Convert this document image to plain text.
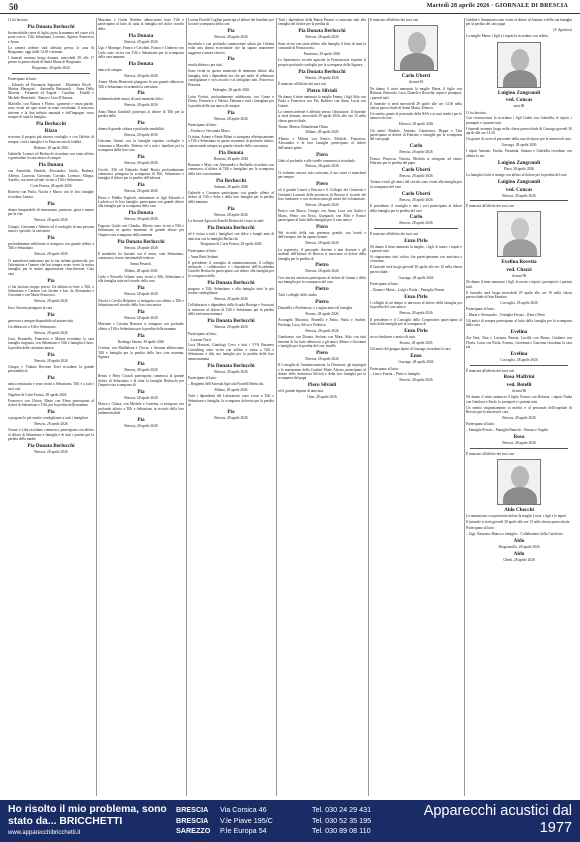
50	Martedì 28 aprile 2026 · GIORNALE DI BRESCIA

Ci ha lasciato

Pia Donata Berlucchi

Inconsolabile cuore di figlio, porta la mamma nel cuore e la porta con se. Tilli, Sebastiano, Lorenzo, Agnese, Francesco e Jason.

La camera ardente sarà allestita presso la casa di Borgonato, oggi dalle 14.30 e domani.

I funerali avranno luogo domani, mercoledì 29, alle 17 presso la parrocchiale di Santa Maria di Borgonato.

Borgonato, 28 aprile 2026

Partecipano al lutto:

– Edoardo ed Emanuela Signorini · Elisabetta Nicoli · Marina Meregotti · Antonella Bertazzoli · Anna Della Moretta · Fernando ed Angela · Carolina · Fratelli e Michele Bianchetti · Renzo e Lina D'Antona

Marcello, con Bianca e Flavio, sgomenti e senza parole, sono vicini ad ogni nome in tanta ricordando il trascorso insieme e la Sua infinita umanità e dell'impegno verso sempre di tutta la famiglia.

Pia Berlucchi
Rizzo

ricevano il proprio più sincero cordoglio e con l'affetto di sempre, con la famiglia e la Franciacorta di fedeltà.

Bolzano, 28 aprile 2026

Gabriella Lorenzi ed Berlucchi ricordano con tanto affetto e gratitudine la cara amica di sempre.

Pia Donata

con Antonella, Daniela, Alessandra, Guido, Barbara, Alberto, Lucrezia, Giovanni, Corrado, Lorenzo, Allegra, Aurelio, ora unite ad tutti vicino a Tilli e Sebastiano.

Corte Franca, 28 aprile 2026

Roberto con Paola, Nicola e Marco con le loro famiglie ricordano l'amica

Pia

donna insuperabile di entusiasmo, passione, gioia e amore per la vita.

Brescia, 28 aprile 2026

Giorgio, Giovanna e Alberto ed il cordoglio di una persona unica e speciale, la carissima

Pia

profondamente addolorati si stringono con grande affetto a Tilli e Sebastiano.

Brescia, 28 aprile 2026

Ci mancherai tantissimo per la tua infinita generosità, per l'attenzione e l'amore che hai sempre avuto verso la nostra famiglia, per le nostre appassionate chiacchierate. Ciao cara

Pia

ci hai lasciato troppo presto. Un abbraccio forte a Tilli, a Sebastiano e Carmen con Jayden e Ian, da Alessandra e Giovanni e con Marie Francesco.

Brescia, 28 aprile 2026

Ina e Antonio piangono la cara

Pia

generosa e sempre disponibile ad aiutare tutti.

Un abbraccio a Tilli e Sebastiano.

Brescia, 28 aprile 2026

Lina, Donatella, Francesco e Marisa ricordano la cara famiglia ringrazia, con Sebastiano e Tilli e famiglia il lutto, la perdita della carissima amica.

Pia
Brescia, 28 aprile 2026

Giorgio e Vidanta Bevione Terzi ricordano la grande personalità di

Pia

amica entusiasta e sono vicini a Sebastiano, Tilli e a tutti i suoi cari.

Nigoline di Corte Franca, 28 aprile 2026

Francesco con Chiara, Mario con Elena partecipano al dolore di Sebastiano e Tilli, per la perdita della mamma

Pia

e porgono le più sentite condoglianze a tutti i famigliari.

Brescia, 28 aprile 2026

Cesare e Lilia ricordano commossi, partecipano con affetto al dolore di Sebastiano e famiglia e di tutti i parenti per la perdita della madre

Pia Donata Berlucchi
Brescia, 28 aprile 2026

Massimo e Giulia Nember abbracciano forte Tilli e partecipano al lutto di tutta la famiglia nel dolce ricordo della

Pia Donata
Brescia, 28 aprile 2026

Ugo e Monique, Franco e Cecchini, Franco e Umberto con Carlo sono vicini con Tilli e Sebastiano per la scomparsa della cara mamma

Pia Donata

amica di sempre.

Brescia, 28 aprile 2026

Aimee Maria Benavarti piangono la sua grande abbraccio Tilli e Sebastiano ricordando la carissima

Pia

indimenticabile amica di tanti momenti felici.

Brescia, 28 aprile 2026

Anna Maria Gandolfi partecipa al dolore di Tilli per la perdita della

Pia

donna di grande cultura e profonda sensibilità.

Brescia, 28 aprile 2026

Giacomo Girasti con la famiglia esprime cordoglio e vicinanza a Marcello, Roberta ed a tutti i familiari per la scomparsa della loro cara

Pia
Brescia, 28 aprile 2026

Cecchi, Elfi ed Eduardo Sabel Bestia profondamente commossi, piangono la scomparsa di Tilli, Sebastiano e famiglia il dolore per la perdita dell'adorata

Pia
Brescia, 28 aprile 2026

Pietro e Fiddlia Fogliotti, unitamente ai figli Edoardo e Ludovica e le loro famiglie, partecipano con grande dolore alla famiglia per la scomparsa della cara

Pia Donata
Brescia, 28 aprile 2026

Fagozzo Guido con Claudia, Alberto sono vicini a Tilli e Sebastiano in questo momento di grande dolore per l'improvvisa scomparsa della mamma

Pia Donata Berlucchi
Brescia, 28 aprile 2026

Il mandorlo ho lasciato ora il senso, veni Sebastiano, commosso, tesoro inestimabile tedesco.

Annia Pesaroti.
Milano, 28 aprile 2026

Carlo e Rossella Volante sono vicini a Tilli, Sebastiano e alla famiglia tutta nel ricordo della cara

Pia
Brescia, 28 aprile 2026

Nicola e Cecilia Belpietro si stringono con affetto a Tilli e Sebastiano nel ricordo della loro cara amica

Pia
Brescia, 28 aprile 2026

Massimo e Cristina Bertozzi si stringono con profondo affetto a Tilli e Sebastiano per la perdita della mamma

Pia
Rodengo Saiano, 28 aprile 2026

Cristina, con Maddalena e Clocio, e Arianna abbracciano Tilli e famiglia per la perdita della loro cara mamma, Signora

Pia
Brescia, 28 aprile 2026

Renzo e Betty Cossali partecipano commossi al grande dolore di Sebastiano e di tutta la famiglia Berlucchi per l'improvvisa scomparsa di

Pia
Brescia, 28 aprile 2026

Marco e Chiara, con Michele e Caterina, si stringono con profondo affetto a Tilli e Sebastiano in ricordo della loro indimenticabile

Pia
Brescia, 28 aprile 2026

Lorena Fiorelli Cogliati partecipa al dolore dei familiari per la triste scomparsa della cara

Pia
Brescia, 28 aprile 2026

Incredula e con profonda commozione saluta per l'ultima volta una donna eccezionale che ha saputo mantenere saggezza e amore sincero.

Pia

sentiti abbracci per tutti.

Sono vicini in questo momento di immenso dolore alla famiglia, tutti i dipendenti ora che per molti di affettuose condoglianze e vivo ascolto e ai famigliari tutti. Francesco Pezzotta.

Padenghe, 28 aprile 2026

Luisa Fortini, profondamente addolorata, con Giano e Flavio, Francesco e Valeria, Fabiana e tutti i famigliari per la perdita della sua amica di sempre

Pia
Brescia, 28 aprile 2026

Partecipano al lutto:

– Teodoro e Giovanna Mossi

Cristina, Ariano e Fanie Bilani si stringono affettuosamente a Tilli e Sebastiano in questo momento di profondo dolore, conservando sempre un grande ricordo della cara amica

Pia Donata
Bornato, 28 aprile 2026

Romano e Mary con Alessandro e Raffaella ricordano con commosso il dolore di Tilli e famigliari per la scomparsa della loro cara mamma

Pia Berlucchi
Salzano, 28 aprile 2026

Gabriele e Costanza partecipano con grande affetto al dolore di Tilli e Seba e della loro famiglia per la perdita della mamma

Pia
Brescia, 28 aprile 2026

La Società Agricola Fratelli Berlucchi e tutto lo staff

Pia Donata Berlucchi

ed è vicina a tutti i famigliari con dolce e lunghi anni di amicizia con la famiglia Berlucchi.

Borgonato di Corte Franca, 28 aprile 2026

Partecipano al lutto:

– Anna Berti Sedinei

Il presidente, il consiglio di amministrazione, il collegio sindacale, i collaboratori e i dipendenti dell'Accademia Gioiello Berlucchi partecipano con dolore alla famiglia per la scomparsa della

Pia Donata Berlucchi

porgono a Tilli, Sebastiano e alla famiglia tutte le più sentite condoglianze.

Brescia, 28 aprile 2026

Collaboratori e dipendenti della Scuola Bottega e Associati si uniscono al dolore di Tilli e Sebastiano per la perdita della carissima mamma

Pia Donata Berlucchi
Brescia, 28 aprile 2026

Partecipano al lutto:

– Luciana Nord

Luca Moruzzi, Gianluigi Corvi e tutti i VVS Business Consulting sono vicini con affetto e stima a Tilli e Sebastiano e alla sua famiglia per la perdita della loro amata mamma

Pia Donata Berlucchi
Brescia, 28 aprile 2026

Partecipano al lutto:

– Borghetti dell'Azienda Agricola Franelli Berlucchi.

Milano, 28 aprile 2026

Tutti i dipendenti del Laboratorio sono vicini a Tilli e Sebastiano e famiglia, la scomparsa dolorosa per la perdita di

Pia
Brescia, 28 aprile 2026

Tutti i dipendenti della Banca Passini si uniscono tutti alla famiglia nel dolore per la perdita di

Pia Donata Berlucchi
Brescia, 28 aprile 2026

Sono vicini con tanto affetto alla famiglia il lutto di tutta la comunità di Franciacorta.

Passirano, 28 aprile 2026

Lo Spaventoso società agricola in Franciacorta esprime il proprio profondo cordoglio per la scomparsa della Signora

Pia Donata Berlucchi
Brescia, 28 aprile 2026

È mancato all'affetto dei suoi cari

Pietro Silvioli

Ne danno il triste annuncio la moglie Emma, i figli Aldo con Paola e Francesca con Pio, Roberto con Anna, Lucia con Gianni.

La camera ardente è allestita presso l'abitazione. Il funerale si terrà domani, mercoledì 29 aprile 2026, alle ore 15 nella chiesa parrocchiale.

Tirano, Matera, Bifanderma Olona

Milano, 28 aprile 2026

Alberto e Milena con Enrico, Michele, Francesca, Alessandra e le loro famiglie partecipano al dolore dell'amato padre.

Piero

Uniti al profondo e alle sorelle commossi a ricordarlo.

Brescia, 28 aprile 2026

Ci vedremo ancora, mio carissimo, il tuo cuore ci mancherà per sempre.

Piero

ed il grande Lionel e Brescia e il Collegio dei Geometri e Geometri Laureati della provincia di Brescia il ricordo del loro fondatore, e con riconoscenza gli amici del volontariato.

Brescia, 28 aprile 2026

Enrico con Marco, Giorgio con Anna, Luca con Giulia e Marta, Pietro con Erica, Gianpaolo con Miri e Franco partecipano al lutto della famiglia per il caro amico

Piero

Nel ricordo della sua presenza gentile, sua bontà e dell'esempio che ha saputo donare.

Brescia, 28 aprile 2026

La segreteria, il personale docente e non docente e gli studenti dell'Istituto di Brescia si associano al dolore della famiglia per la perdita di

Pietro
Brescia, 28 aprile 2026

Con sincera amicizia partecipano al dolore di Gianni e della sua famiglia per la scomparsa del caro

Pietro

Tutti i colleghi dello studio

Pietro

Donatella e Pieldonisio, e i cugini amici di famiglia.

Rovato, 28 aprile 2026

Arcangelo Maurizio, Brunella e Fabio, Paola e Andrea, Pierluigi, Luca, Silvio e Federica.

Brescia, 28 aprile 2026

Gianfranco con Donata, Stefano con Mara, Aldo con tutti insieme di lui forte abbraccio a gli amici Albino e Giovanni e famiglie per la perdita del caro fratello

Piero
Brescia, 28 aprile 2026

Il Consiglio di Amministrazione, la Direzione, gli impiegati e le maestranze della Caudari Mode Alessio partecipano al dolore della dottoressa Silvioli e della loro famiglia per la scomparsa del papà

Piero Silvioli

ed il grande legame di amicizia.

Ome, 28 aprile 2026

È mancato all'affetto dei suoi cari

Carlo Uberti
di anni 94

Ne danno il triste annuncio la moglie Maria, il figlio con Roberta, Bernardo, Luca, Daniele e Rossella, nipoti e pronipoti, i parenti tutti.

Il funerale si terrà mercoledì 29 aprile alle ore 14.30 nella chiesa parrocchiale di Santa Maria, Erbusco.

Un sentito grazie al personale della RSA e ai suoi medici per le amorevoli cure.

Erbusco, 28 aprile 2026

Gli amici Rinaldo, Antonio, Gianfranco, Beppe e Tina partecipano al dolore di Fabrizio e famiglie per la scomparsa del caro papà

Carlo
Brescia, 28 aprile 2026

Franco, Pinuccia, Vittoria, Michela si stringono ad amico Fabrizio per la perdita del papà

Carlo Uberti
Brescia, 28 aprile 2026

Tiziano e tutti gli amici del circolo sono vicini alla famiglia per la scomparsa del caro

Carlo Uberti
Brescia, 28 aprile 2026

Il presidente, il consiglio e tutti i soci partecipano al dolore della famiglia per la perdita del caro

Carlo
Brescia, 28 aprile 2026

È mancato all'affetto dei suoi cari

Enzo Pirlo

Ne danno il triste annuncio la moglie, i figli, le nuore, i nipoti e i parenti tutti.

Si ringraziano tutti coloro che parteciperanno con amicizia e vicinanza.

Il funerale avrà luogo giovedì 30 aprile alle ore 10 nella chiesa parrocchiale.

Gussago, 28 aprile 2026

Partecipano al lutto:

– Gianni e Marta – Luigi e Paola – Famiglia Ferrari

Enzo Pirlo

I colleghi di un tempo si uniscono al dolore della famiglia per la perdita del caro amico.

Brescia, 28 aprile 2026

Il presidente e il Consiglio della Cooperativa partecipano al lutto della famiglia per la scomparsa di

Enzo Pirlo

socio fondatore e amico di tutti.

Rovato, 28 aprile 2026

Gli amici del gruppo alpini di Gussago ricordano il caro

Enzo
Gussago, 28 aprile 2026

Partecipano al lutto:

– Lino e Fausta – Pietro e famiglia

Brescia, 28 aprile 2026

Galdeni e Annamaria sono vicini al dolore di Antonio e della sua famiglia per la perdita del caro papà

(S. Agostino)

La moglie Maria, i figli e i nipoti lo ricordano con affetto.

Luigino Zangrandi
ved. Concas
anni 86

Ci ha lasciato.

Con riconoscenza lo ricordano i figli Giulio con Gabriella, le nipoti, i pronipoti e i parenti tutti.

I funerali avranno luogo nella chiesa parrocchiale di Gussago giovedì 30 aprile alle ore 14.30.

Un grazie di cuore al personale della casa di riposo per le amorevoli cure.

Gussago, 28 aprile 2026

I nipoti Antonio, Emilia, Fernanda, Simona e Gabriella ricordano con affetto lo zio

Luigino Zangrandi
Flero, 28 aprile 2026

La famiglia Gatti si stringe con affetto al dolore per la perdita del caro

Luigino Zangrandi
ved. Concas
Brescia, 28 aprile 2026

È mancata all'affetto dei suoi cari

Evelina Rovetta
ved. Chezzi
di anni 98

Ne danno il triste annuncio i figli, le nuore, i nipoti, i pronipoti e i parenti tutti.

Il funerale avrà luogo mercoledì 29 aprile alle ore 10 nella chiesa parrocchiale di San Faustino.

Coccaglio, 28 aprile 2026

Partecipano al lutto:

– Maria e Alessandro – Famiglia Ferrari – Rina e Piero

Gli amici di sempre partecipano al lutto della famiglia per la scomparsa della cara

Evelina

Zia Vera, Tina e Luciana, Renata, Lucilla con Bruno, Giuliano con Flavia, Luisa con Paola, Ernesto, Giovanna e Giacomo ricordano la cara zia

Evelina
Coccaglio, 28 aprile 2026

È mancata all'affetto dei suoi cari

Rosa Malfrini
ved. Botelli
di anni 86

Ne danno il triste annuncio il figlio Franco con Roberta, i nipoti Nadia con Gianluca e Paolo, le pronipoti e i parenti tutti.

Un sentito ringraziamento ai medici e al personale dell'ospedale di Brescia per le amorevoli cure.

Brescia, 28 aprile 2026

Partecipano al lutto:

– Famiglia Ferrari – Famiglia Bianchi – Renato e Angela

Rosa
Brescia, 28 aprile 2026

È mancato all'affetto dei suoi cari

Aldo Checchi

Lo annunciano con profondo dolore la moglie Lucia, i figli e le nipoti.

Il funerale si terrà giovedì 30 aprile alle ore 15 nella chiesa parrocchiale.

Partecipano al lutto:

– Gigi, Nazzaria, Bianca e famiglia – Collaboratori della Cartoleria

Aldo
Borgosatollo, 28 aprile 2026
Aldo
Ghedi, 28 aprile 2026
Ho risolto il mio problema, sono stato da... BRICCHETTI
www.apparecchibricchetti.it
BRESCIA Via Corsica 46	Tel. 030 24 29 431
BRESCIA V.le Piave 195/C	Tel. 030 52 35 195
SAREZZO P.le Europa 54	Tel. 030 89 08 110
Apparecchi acustici dal 1977
